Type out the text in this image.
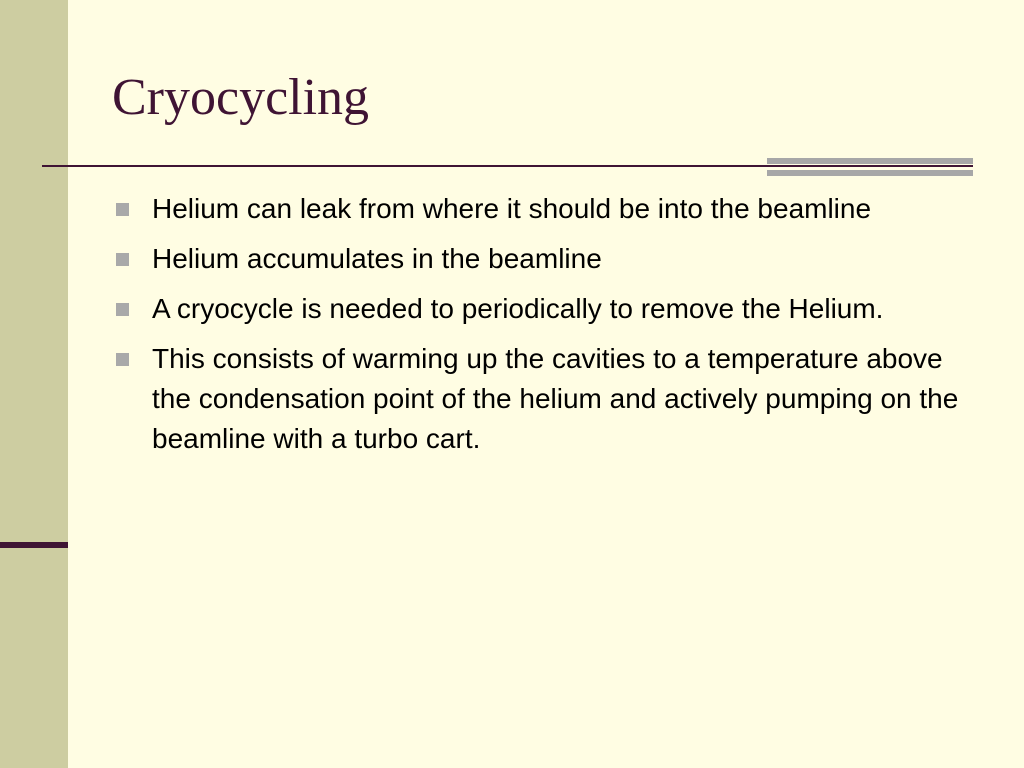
Cryocycling
Helium can leak from where it should be into the beamline
Helium accumulates in the beamline
A cryocycle is needed to periodically to remove the Helium.
This consists of warming up the cavities to a temperature above the condensation point of the helium and actively pumping on the beamline with a turbo cart.
